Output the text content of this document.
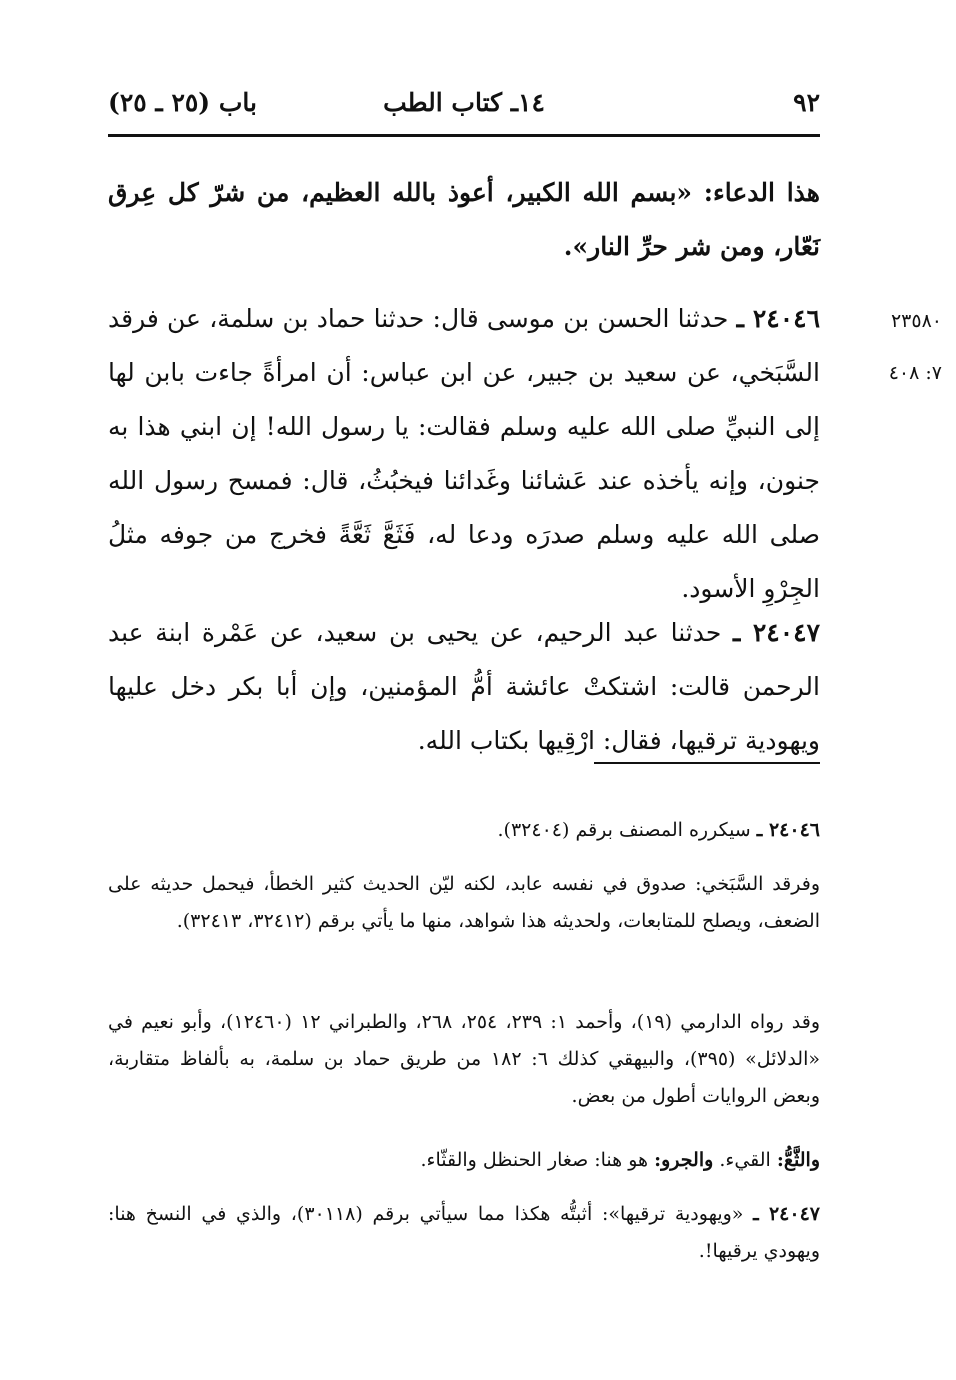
٩٢
١٤ـ كتاب الطب
باب (٢٥ ـ ٢٥)
هذا الدعاء: «بسم الله الكبير، أعوذ بالله العظيم، من شرّ كل عِرق نَعّار، ومن شر حرِّ النار».
٢٤٠٤٦ ـ حدثنا الحسن بن موسى قال: حدثنا حماد بن سلمة، عن فرقد السَّبَخي، عن سعيد بن جبير، عن ابن عباس: أن امرأةً جاءت بابن لها إلى النبيِّ صلى الله عليه وسلم فقالت: يا رسول الله! إن ابني هذا به جنون، وإنه يأخذه عند عَشائنا وغَدائنا فيخبُثُ، قال: فمسح رسول الله صلى الله عليه وسلم صدرَه ودعا له، فَثَعَّ ثَعَّةً فخرج من جوفه مثلُ الجِرْوِ الأسود.
٢٣٥٨٠
٧: ٤٠٨
٢٤٠٤٧ ـ حدثنا عبد الرحيم، عن يحيى بن سعيد، عن عَمْرة ابنة عبد الرحمن قالت: اشتكتْ عائشة أمُّ المؤمنين، وإن أبا بكر دخل عليها ويهودية ترقيها، فقال: ارْقِيها بكتاب الله.
٢٤٠٤٦ ـ سيكرره المصنف برقم (٣٢٤٠٤).
وفرقد السَّبَخي: صدوق في نفسه عابد، لكنه ليّن الحديث كثير الخطأ، فيحمل حديثه على الضعف، ويصلح للمتابعات، ولحديثه هذا شواهد، منها ما يأتي برقم (٣٢٤١٢، ٣٢٤١٣).
وقد رواه الدارمي (١٩)، وأحمد ١: ٢٣٩، ٢٥٤، ٢٦٨، والطبراني ١٢ (١٢٤٦٠)، وأبو نعيم في «الدلائل» (٣٩٥)، والبيهقي كذلك ٦: ١٨٢ من طريق حماد بن سلمة، به بألفاظ متقاربة، وبعض الروايات أطول من بعض.
والثَّعُّ: القيء. والجرو: هو هنا: صغار الحنظل والقثّاء.
٢٤٠٤٧ ـ «ويهودية ترقيها»: أثبتُّه هكذا مما سيأتي برقم (٣٠١١٨)، والذي في النسخ هنا: ويهودي يرقيها!.
